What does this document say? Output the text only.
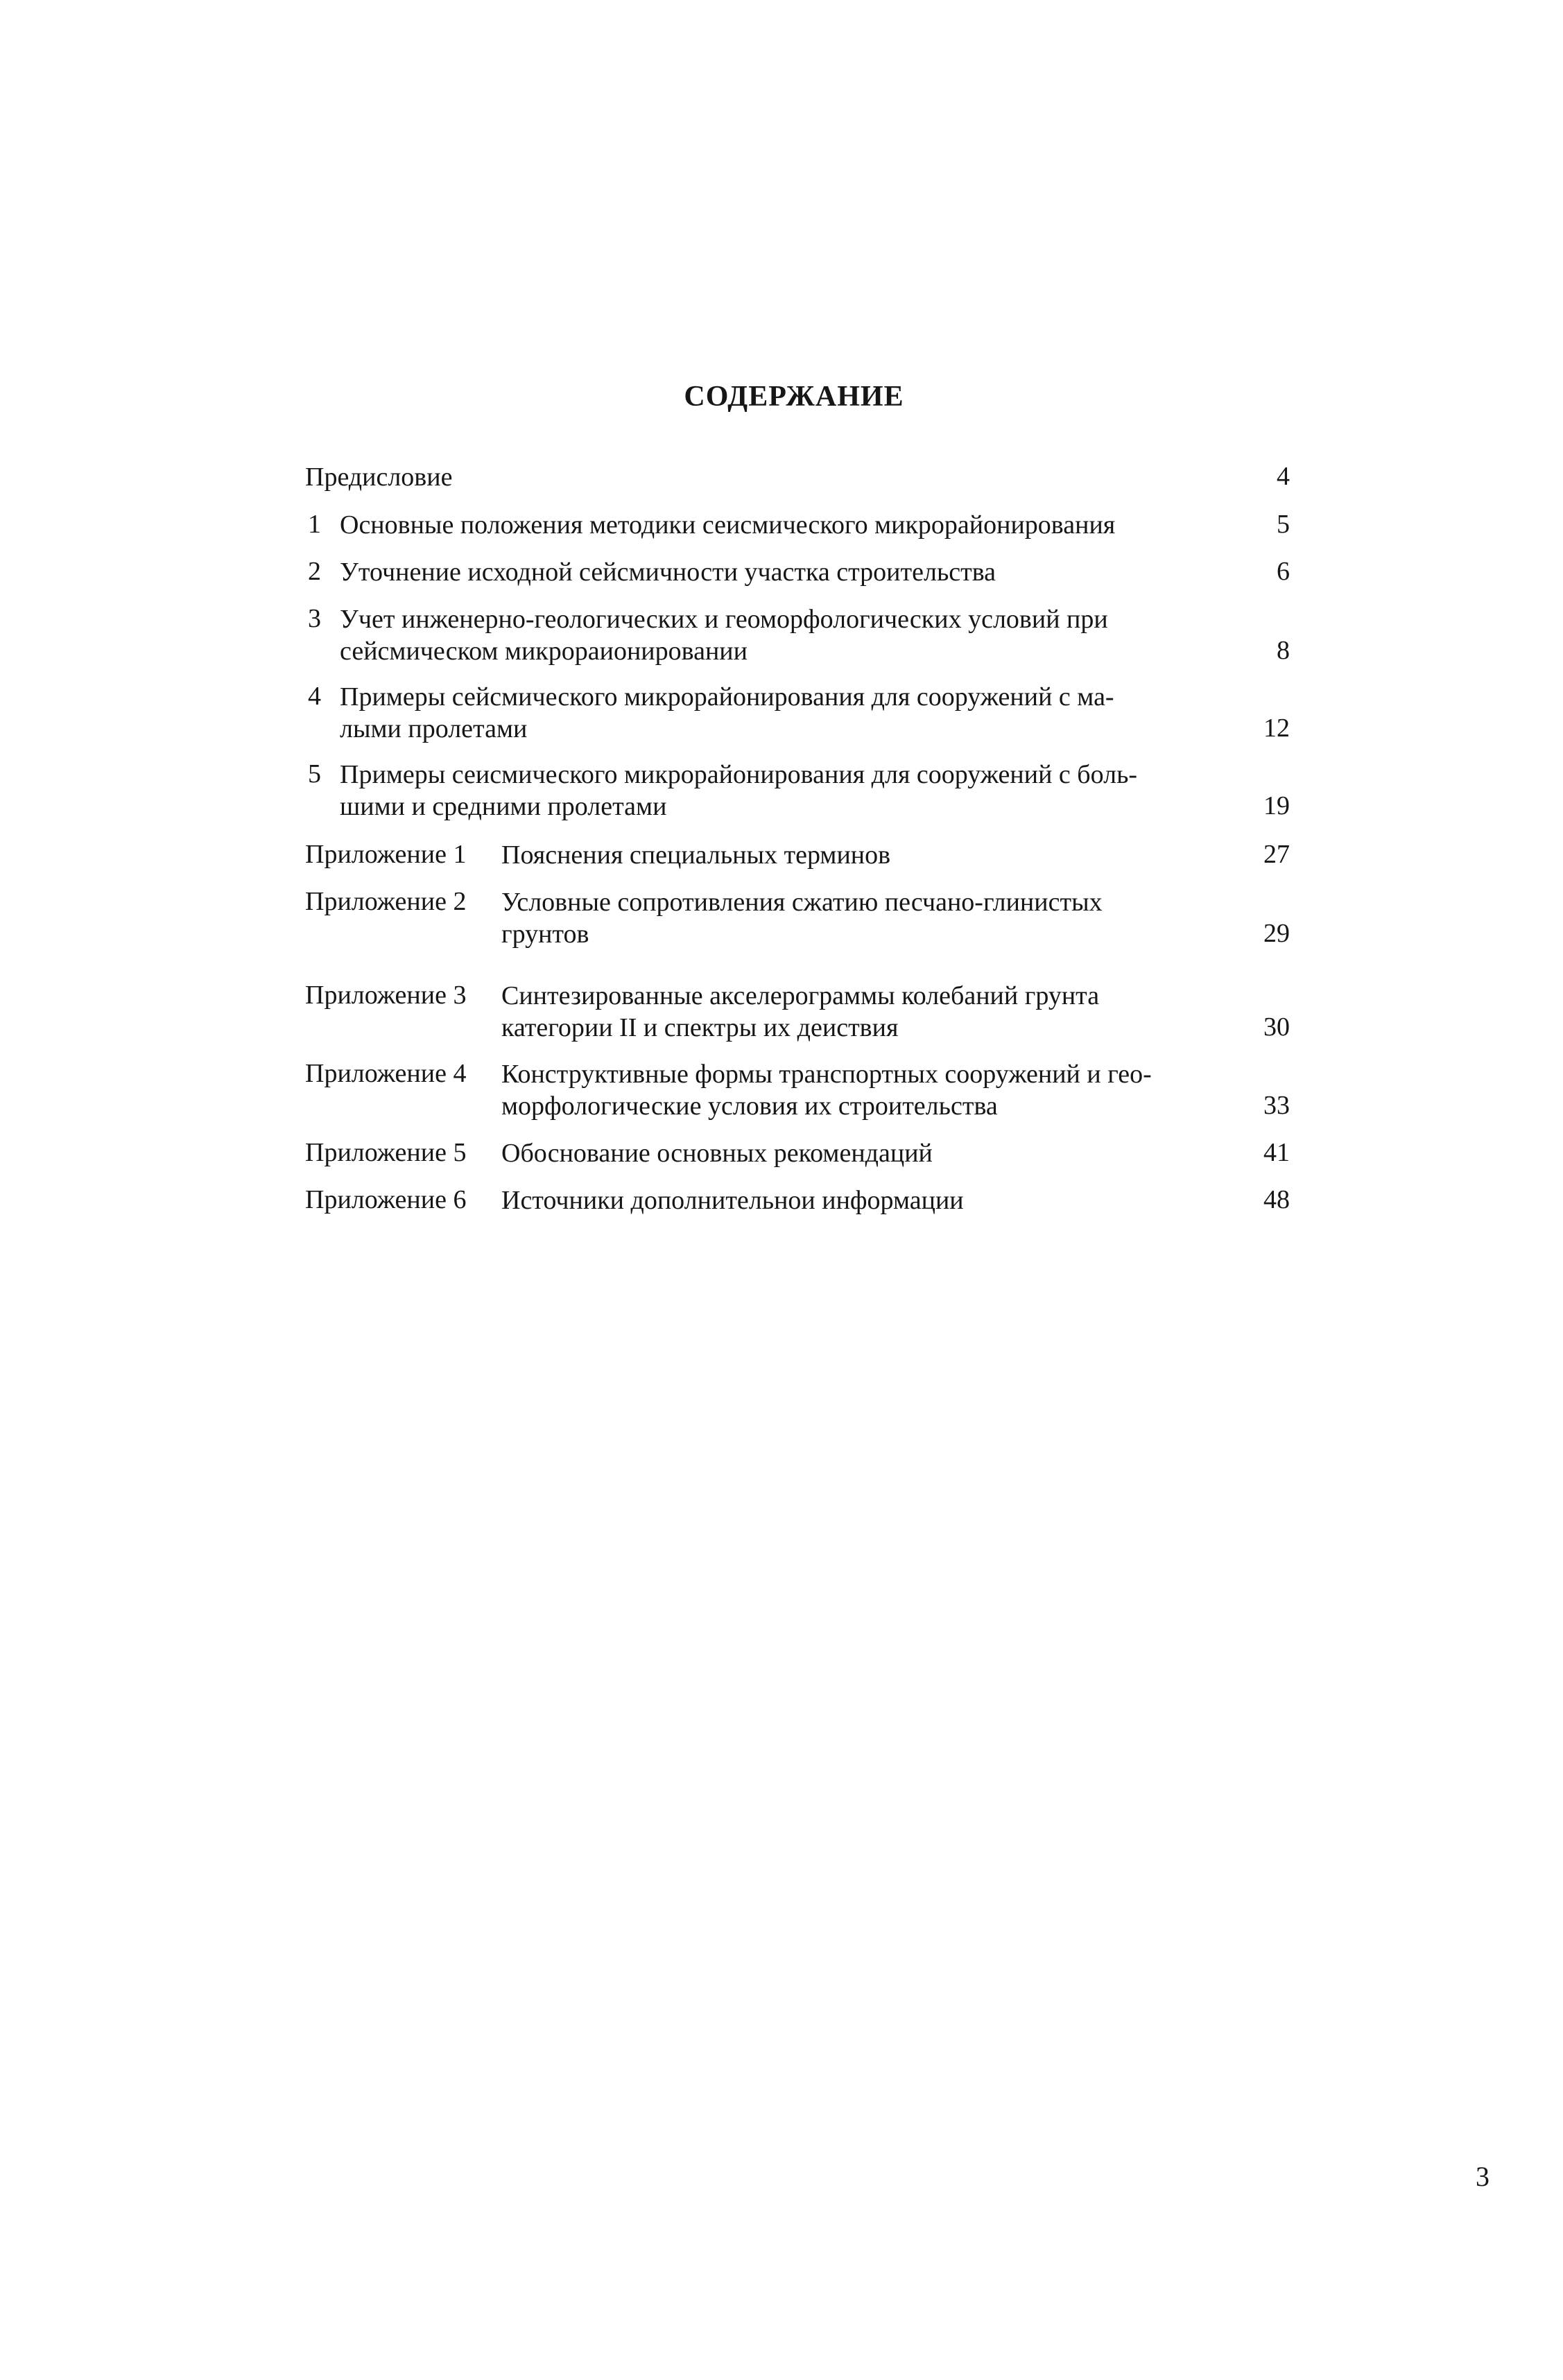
СОДЕРЖАНИЕ
Предисловие	4
1 Основные положения методики сеисмического микрорайонирования	5
2 Уточнение исходной сейсмичности участка строительства	6
3 Учет инженерно-геологических и геоморфологических условий при
сейсмическом микрораионировании	8
4 Примеры сейсмического микрорайонирования для сооружений с ма-
лыми пролетами	12
5 Примеры сеисмического микрорайонирования для сооружений с боль-
шими и средними пролетами	19
Приложение 1 Пояснения специальных терминов	27
Приложение 2 Условные сопротивления сжатию песчано-глинистых
грунтов	29
Приложение 3 Синтезированные акселерограммы колебаний грунта
категории II и спектры их деиствия	30
Приложение 4 Конструктивные формы транспортных сооружений и гео-
морфологические условия их строительства	33
Приложение 5 Обоснование основных рекомендаций	41
Приложение 6 Источники дополнительнои информации	48
3
